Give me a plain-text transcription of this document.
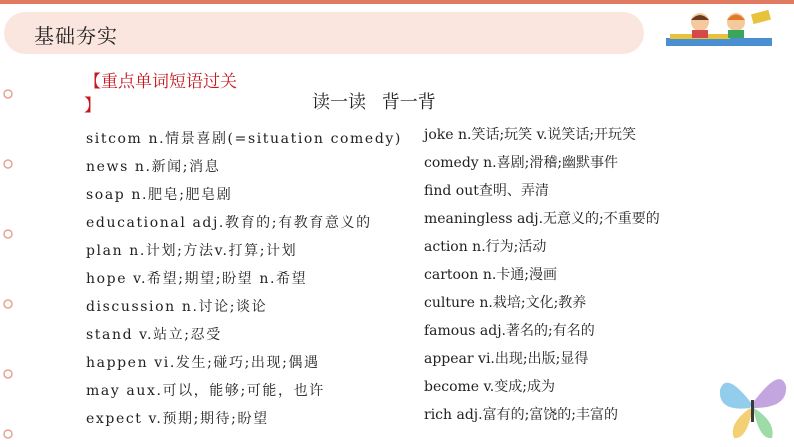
基础夯实
【重点单词短语过关
】	读一读 背一背
sitcom n.情景喜剧(=situation comedy)
news n.新闻;消息
soap n.肥皂;肥皂剧
educational adj.教育的;有教育意义的
plan n.计划;方法v.打算;计划
hope v.希望;期望;盼望 n.希望
discussion n.讨论;谈论
stand v.站立;忍受
happen vi.发生;碰巧;出现;偶遇
may aux.可以，能够;可能，也许
expect v.预期;期待;盼望
joke n.笑话;玩笑 v.说笑话;开玩笑
comedy n.喜剧;滑稽;幽默事件
find out查明、弄清
meaningless adj.无意义的;不重要的
action n.行为;活动
cartoon n.卡通;漫画
culture n.栽培;文化;教养
famous adj.著名的;有名的
appear vi.出现;出版;显得
become v.变成;成为
rich adj.富有的;富饶的;丰富的
